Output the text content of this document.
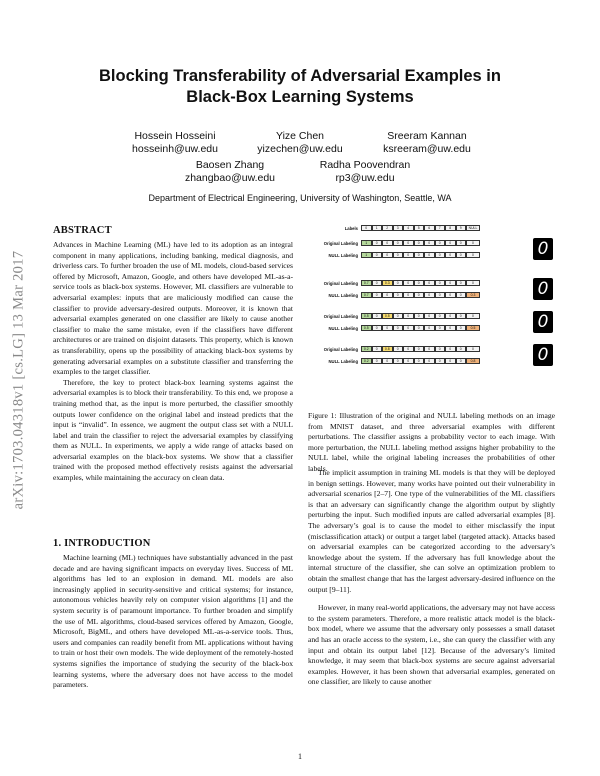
arXiv:1703.04318v1 [cs.LG] 13 Mar 2017
Blocking Transferability of Adversarial Examples in
Black-Box Learning Systems
Hossein Hosseini
hosseinh@uw.edu
Yize Chen
yizechen@uw.edu
Sreeram Kannan
ksreeram@uw.edu
Baosen Zhang
zhangbao@uw.edu
Radha Poovendran
rp3@uw.edu
Department of Electrical Engineering, University of Washington, Seattle, WA
ABSTRACT

Advances in Machine Learning (ML) have led to its adoption as an integral component in many applications, including banking, medical diagnosis, and driverless cars. To further broaden the use of ML models, cloud-based services offered by Microsoft, Amazon, Google, and others have developed ML-as-a-service tools as black-box systems. However, ML classifiers are vulnerable to adversarial examples: inputs that are maliciously modified can cause the classifier to provide adversary-desired outputs. Moreover, it is known that adversarial examples generated on one classifier are likely to cause another classifier to make the same mistake, even if the classifiers have different architectures or are trained on disjoint datasets. This property, which is known as transferability, opens up the possibility of attacking black-box systems by generating adversarial examples on a substitute classifier and transferring the examples to the target classifier.

Therefore, the key to protect black-box learning systems against the adversarial examples is to block their transferability. To this end, we propose a training method that, as the input is more perturbed, the classifier smoothly outputs lower confidence on the original label and instead predicts that the input is “invalid”. In essence, we augment the output class set with a NULL label and train the classifier to reject the adversarial examples by classifying them as NULL. In experiments, we apply a wide range of attacks based on adversarial examples on the black-box systems. We show that a classifier trained with the proposed method effectively resists against the adversarial examples, while maintaining the accuracy on clean data.

1. INTRODUCTION

Machine learning (ML) techniques have substantially advanced in the past decade and are having significant impacts on everyday lives. Success of ML algorithms has led to an explosion in demand. ML models are also increasingly applied in security-sensitive and critical systems; for instance, autonomous vehicles heavily rely on computer vision algorithms [1] and the system security is of paramount importance. To further broaden and simplify the use of ML algorithms, cloud-based services offered by Amazon, Google, Microsoft, BigML, and others have developed ML-as-a-service tools. Thus, users and companies can readily benefit from ML applications without having to train or host their own models. The wide deployment of the remotely-hosted systems signifies the importance of studying the security of the black-box learning systems, where the adversary does not have access to the model parameters.

Labels	0	1	2	3	4	5	6	7	8	9	NULL
Original Labeling	1	0	0	0	0	0	0	0	0	0	0
NULL Labeling	1	0	0	0	0	0	0	0	0	0	0	0
Original Labeling	0.7	0	0.3	0	0	0	0	0	0	0	0
NULL Labeling	0.7	0	0	0	0	0	0	0	0	0	0.3	0
Original Labeling	0.5	0	0.5	0	0	0	0	0	0	0	0
NULL Labeling	0.5	0	0	0	0	0	0	0	0	0	0.5	0
Original Labeling	0.2	0	0.8	0	0	0	0	0	0	0	0
NULL Labeling	0.2	0	0	0	0	0	0	0	0	0	0.8	0
Figure 1: Illustration of the original and NULL labeling methods on an image from MNIST dataset, and three adversarial examples with different perturbations. The classifier assigns a probability vector to each image. With more perturbation, the NULL labeling method assigns higher probability to the NULL label, while the original labeling increases the probabilities of other labels.

The implicit assumption in training ML models is that they will be deployed in benign settings. However, many works have pointed out their vulnerability in adversarial scenarios [2–7]. One type of the vulnerabilities of the ML classifiers is that an adversary can significantly change the algorithm output by slightly perturbing the input. Such modified inputs are called adversarial examples [8]. The adversary’s goal is to cause the model to either misclassify the input (misclassification attack) or output a target label (targeted attack). Attacks based on adversarial examples can be categorized according to the adversary’s knowledge about the system. If the adversary has full knowledge about the internal structure of the classifier, she can solve an optimization problem to obtain the smallest change that has the largest adversary-desired influence on the output [9–11].

However, in many real-world applications, the adversary may not have access to the system parameters. Therefore, a more realistic attack model is the black-box model, where we assume that the adversary only possesses a small dataset and has an oracle access to the system, i.e., she can query the classifier with any input and obtain its output label [12]. Because of the adversary’s limited knowledge, it may seem that black-box systems are secure against adversarial examples. However, it has been shown that adversarial examples, generated on one classifier, are likely to cause another

1
